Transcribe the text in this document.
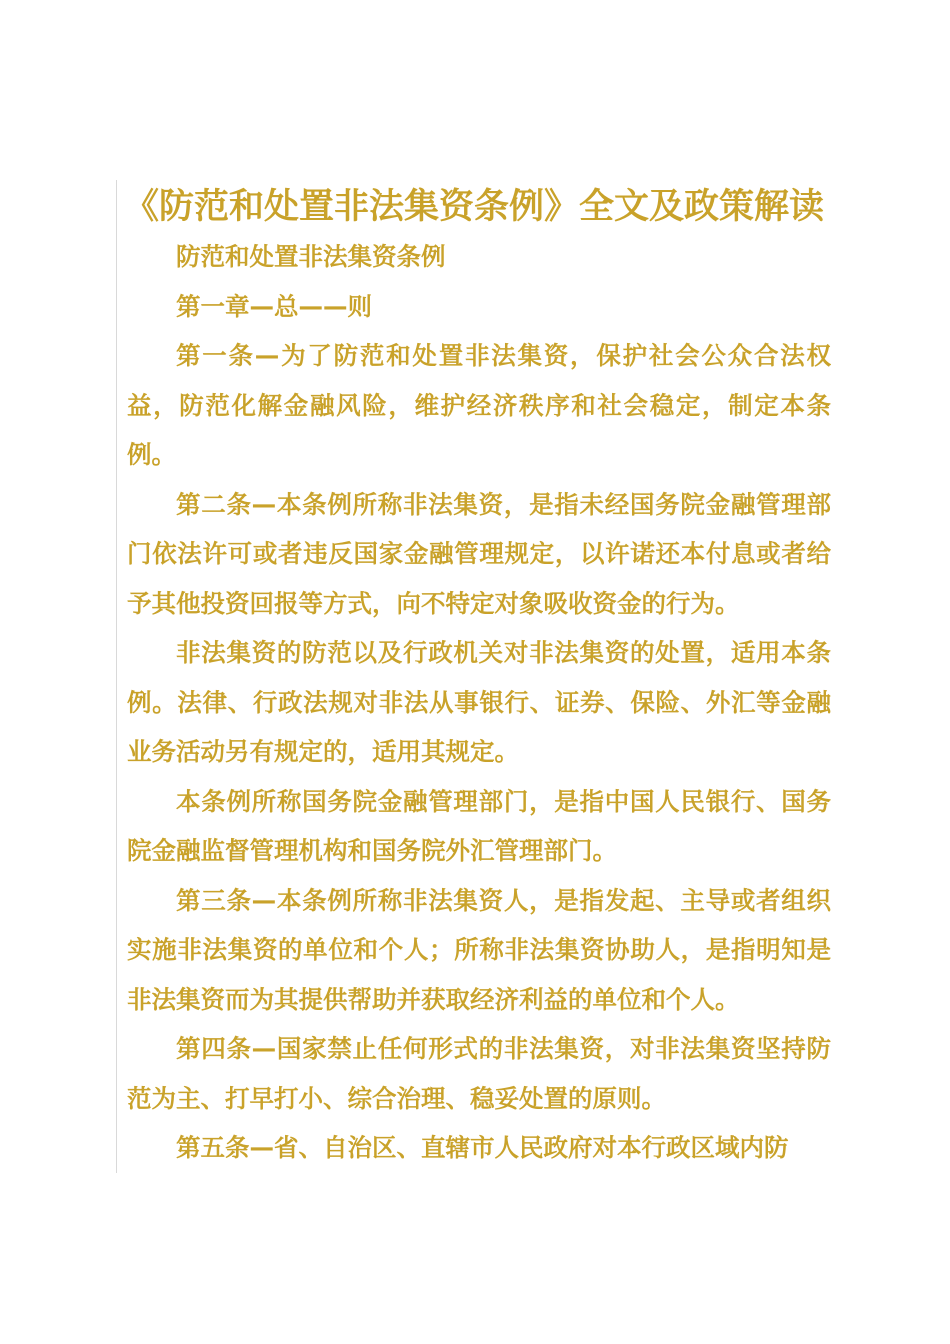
《防范和处置非法集资条例》全文及政策解读

防范和处置非法集资条例

第一章—总——则

第一条—为了防范和处置非法集资，保护社会公众合法权益，防范化解金融风险，维护经济秩序和社会稳定，制定本条例。

第二条—本条例所称非法集资，是指未经国务院金融管理部门依法许可或者违反国家金融管理规定，以许诺还本付息或者给予其他投资回报等方式，向不特定对象吸收资金的行为。

非法集资的防范以及行政机关对非法集资的处置，适用本条例。法律、行政法规对非法从事银行、证券、保险、外汇等金融业务活动另有规定的，适用其规定。

本条例所称国务院金融管理部门，是指中国人民银行、国务院金融监督管理机构和国务院外汇管理部门。

第三条—本条例所称非法集资人，是指发起、主导或者组织实施非法集资的单位和个人；所称非法集资协助人，是指明知是非法集资而为其提供帮助并获取经济利益的单位和个人。

第四条—国家禁止任何形式的非法集资，对非法集资坚持防范为主、打早打小、综合治理、稳妥处置的原则。

第五条—省、自治区、直辖市人民政府对本行政区域内防
